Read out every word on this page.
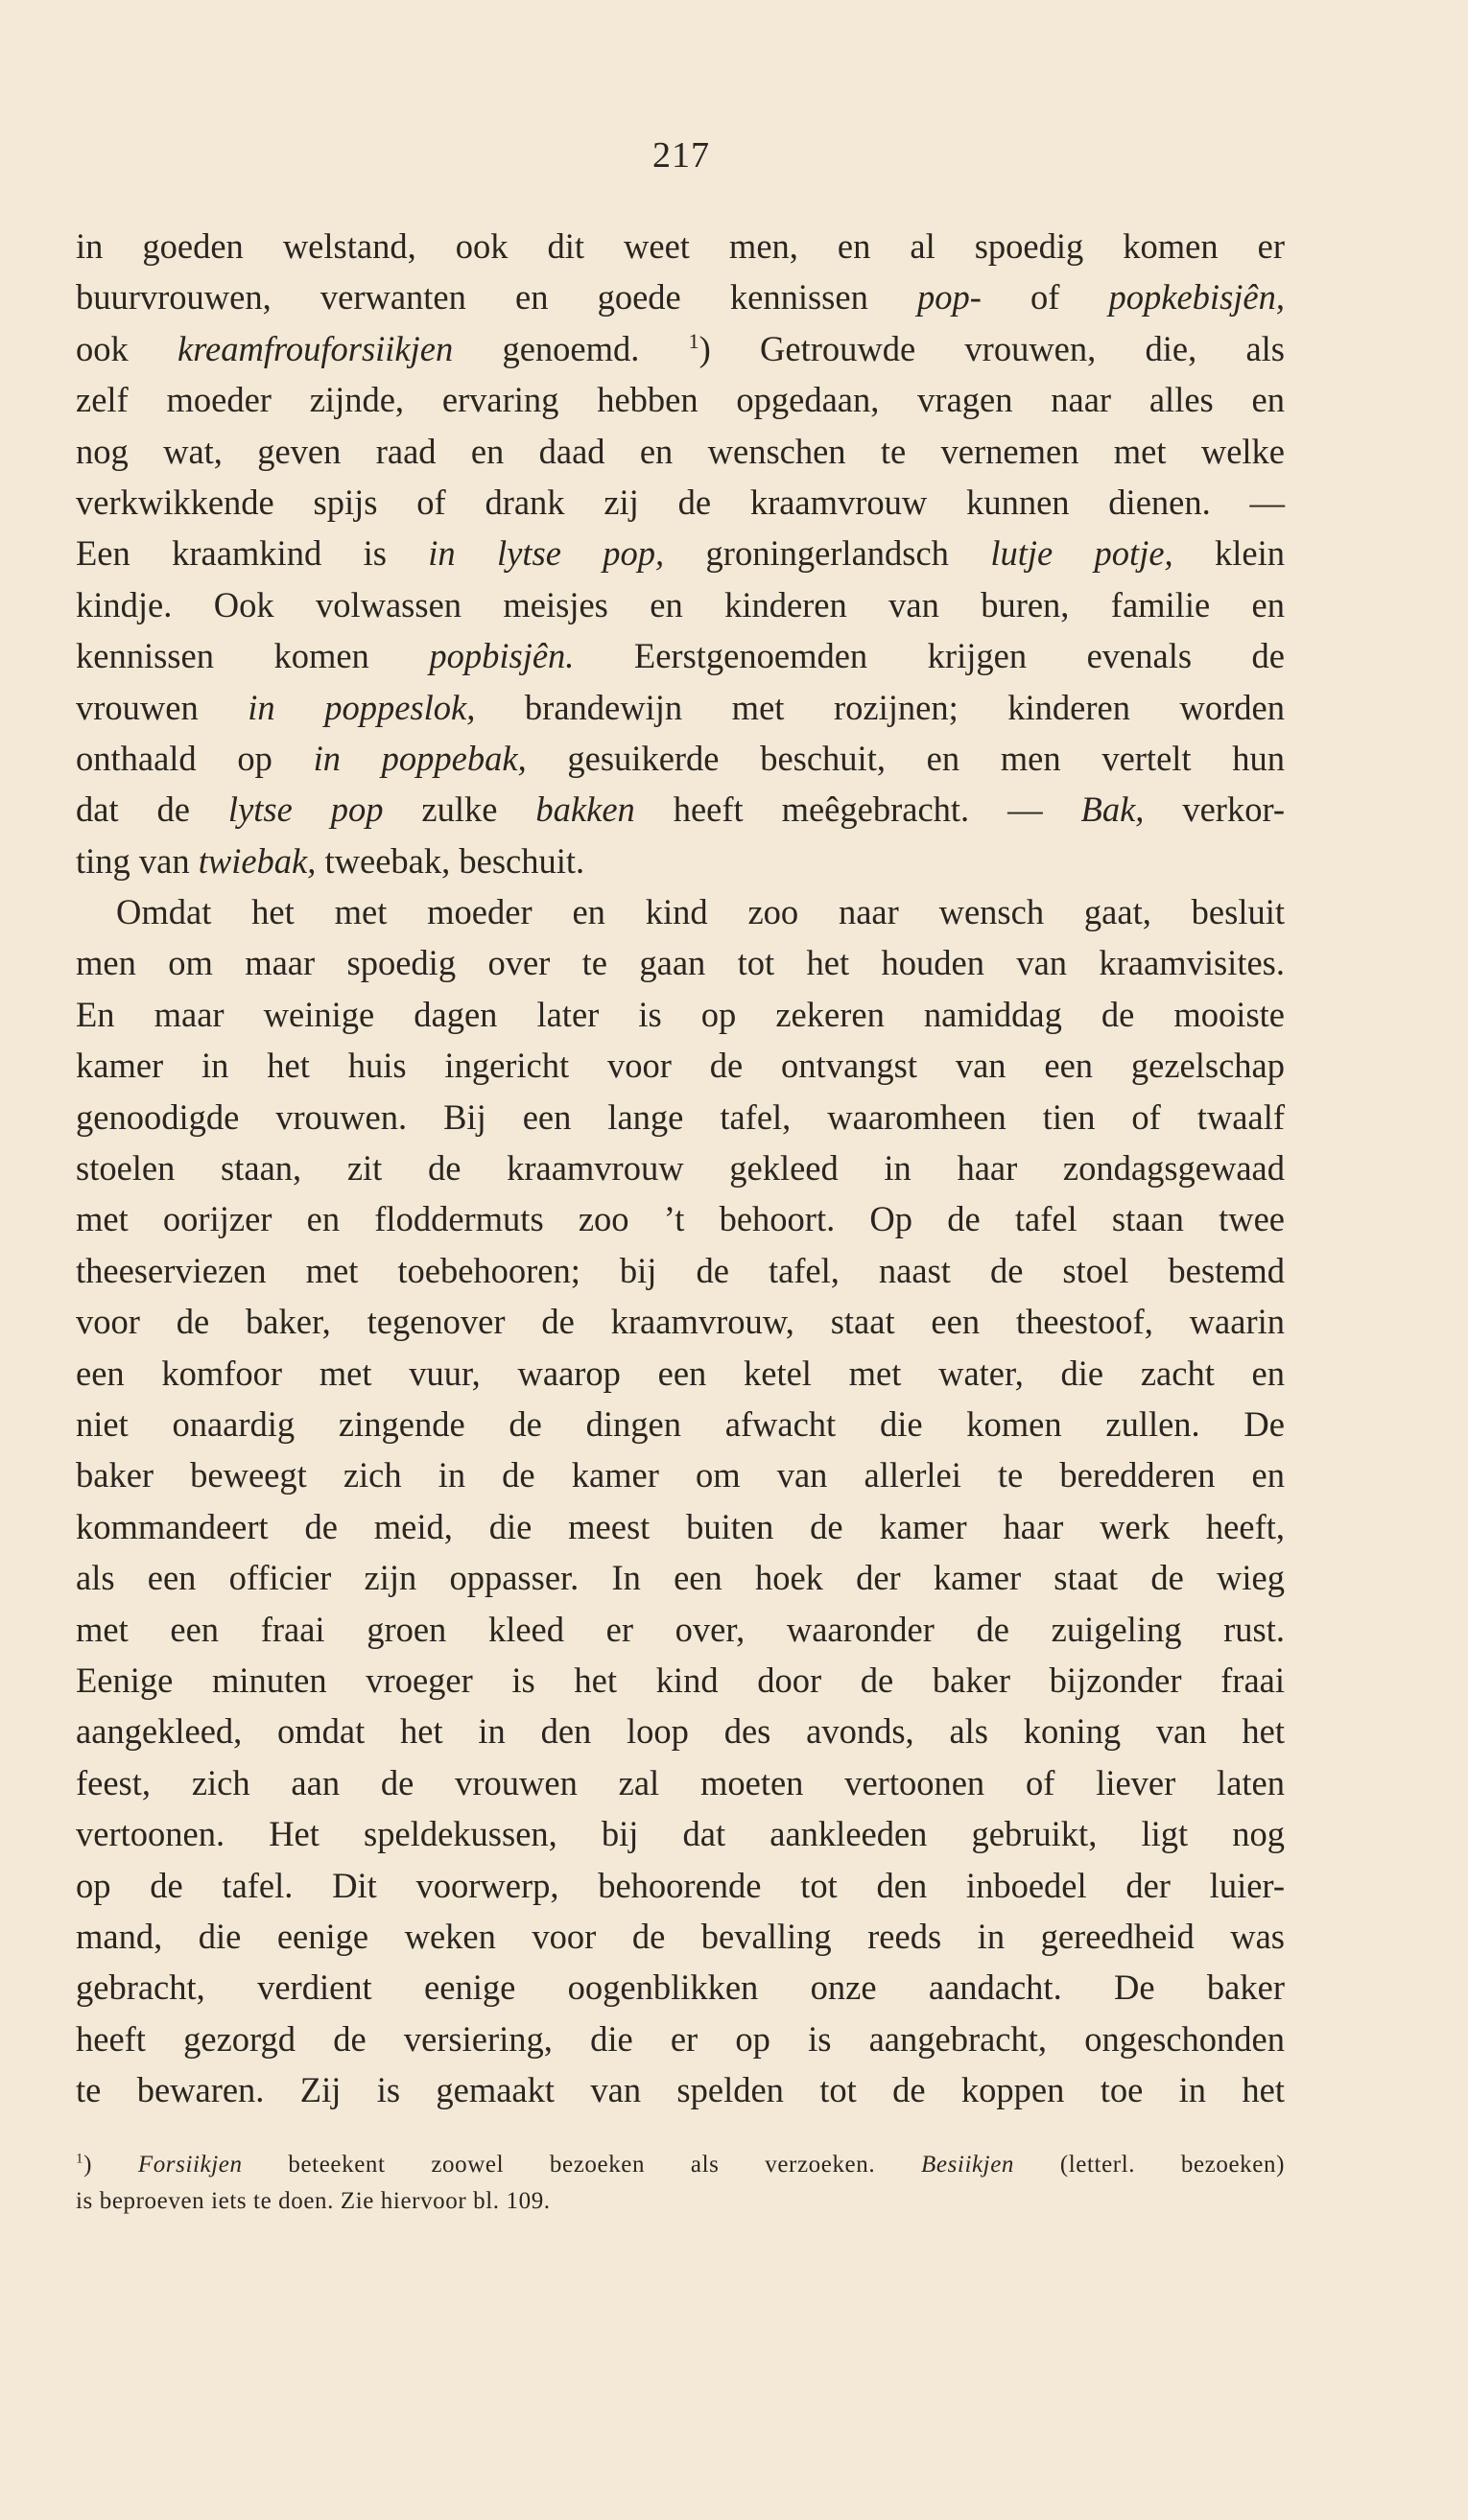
217
in goeden welstand, ook dit weet men, en al spoedig komen er
buurvrouwen, verwanten en goede kennissen pop- of popkebisjên,
ook kreamfrouforsiikjen genoemd. $^1$) Getrouwde vrouwen, die, als
zelf moeder zijnde, ervaring hebben opgedaan, vragen naar alles en
nog wat, geven raad en daad en wenschen te vernemen met welke
verkwikkende spijs of drank zij de kraamvrouw kunnen dienen. —
Een kraamkind is in lytse pop, groningerlandsch lutje potje, klein
kindje. Ook volwassen meisjes en kinderen van buren, familie en
kennissen komen popbisjên. Eerstgenoemden krijgen evenals de
vrouwen in poppeslok, brandewijn met rozijnen; kinderen worden
onthaald op in poppebak, gesuikerde beschuit, en men vertelt hun
dat de lytse pop zulke bakken heeft meêgebracht. — Bak, verkor-
ting van twiebak, tweebak, beschuit.
Omdat het met moeder en kind zoo naar wensch gaat, besluit
men om maar spoedig over te gaan tot het houden van kraamvisites.
En maar weinige dagen later is op zekeren namiddag de mooiste
kamer in het huis ingericht voor de ontvangst van een gezelschap
genoodigde vrouwen. Bij een lange tafel, waaromheen tien of twaalf
stoelen staan, zit de kraamvrouw gekleed in haar zondagsgewaad
met oorijzer en floddermuts zoo ’t behoort. Op de tafel staan twee
theeserviezen met toebehooren; bij de tafel, naast de stoel bestemd
voor de baker, tegenover de kraamvrouw, staat een theestoof, waarin
een komfoor met vuur, waarop een ketel met water, die zacht en
niet onaardig zingende de dingen afwacht die komen zullen. De
baker beweegt zich in de kamer om van allerlei te beredderen en
kommandeert de meid, die meest buiten de kamer haar werk heeft,
als een officier zijn oppasser. In een hoek der kamer staat de wieg
met een fraai groen kleed er over, waaronder de zuigeling rust.
Eenige minuten vroeger is het kind door de baker bijzonder fraai
aangekleed, omdat het in den loop des avonds, als koning van het
feest, zich aan de vrouwen zal moeten vertoonen of liever laten
vertoonen. Het speldekussen, bij dat aankleeden gebruikt, ligt nog
op de tafel. Dit voorwerp, behoorende tot den inboedel der luier-
mand, die eenige weken voor de bevalling reeds in gereedheid was
gebracht, verdient eenige oogenblikken onze aandacht. De baker
heeft gezorgd de versiering, die er op is aangebracht, ongeschonden
te bewaren. Zij is gemaakt van spelden tot de koppen toe in het
$^1$) Forsiikjen beteekent zoowel bezoeken als verzoeken. Besiikjen (letterl. bezoeken)
is beproeven iets te doen. Zie hiervoor bl. 109.
